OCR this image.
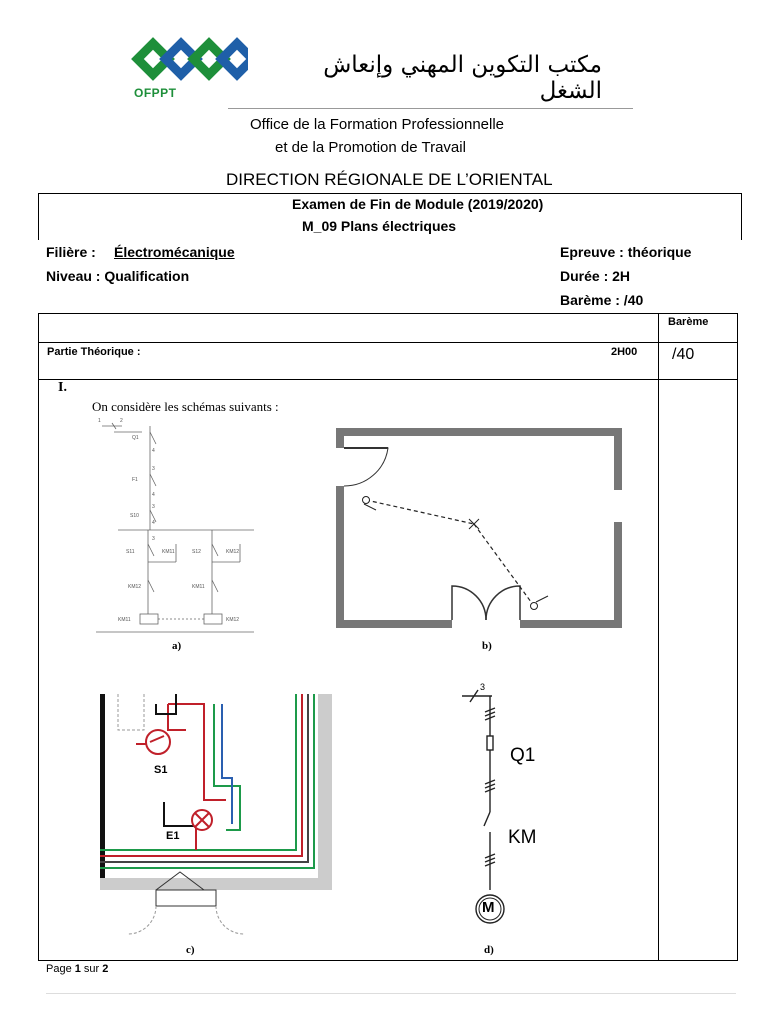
OFPPT
مكتب التكوين المهني وإنعاش الشغل
Office de la Formation Professionnelle
et de la Promotion de Travail
DIRECTION RÉGIONALE DE L’ORIENTAL
Examen de Fin de Module (2019/2020)
M_09 Plans électriques
Filière : Électromécanique
Niveau : Qualification
Epreuve : théorique
Durée : 2H
Barème : /40
Barème
Partie Théorique :	2H00 /40
I.
On considère les schémas suivants :
1	2
Q1
4
3
F1
4
3
S10
4
3
S11	KM11	S12	KM12
KM12	KM11
KM11	KM12
a)	b)
S1
E1
c)
3
Q1
KM
M
d)
Page 1 sur 2
